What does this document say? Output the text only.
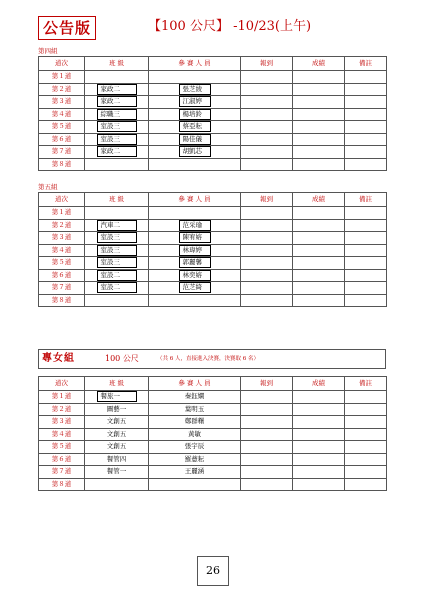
公告版	【100 公尺】 -10/23(上午)
第四組
道次	班 級	參 賽 人 員	報到	成績	備註
第１道					
第２道	家政二	張芝綾			
第３道	家政二	江淑婷			
第４道	綜職三	楊培鈴			
第５道	室設三	蔡亞耘			
第６道	室設三	陽佳儀			
第７道	家政二	胡凱芯			
第８道					
第五組
道次	班 級	參 賽 人 員	報到	成績	備註
第１道					
第２道	汽車二	范采瑜			
第３道	室設三	陳宥嫆			
第４道	室設三	林瑋婷			
第５道	室設三	郭麗馨			
第６道	室設二	林奕嫆			
第７道	室設二	范芝綺			
第８道					
專女組	100 公尺	（共 6 人，直接進入決賽，決賽取 6 名）
道次	班 級	參 賽 人 員	報到	成績	備註
第１道	餐旅一	秦鈺嫻			
第２道	圖藝一	葉明玉			
第３道	文創五	鄭群糬			
第４道	文創五	黃敏			
第５道	文創五	張宇辰			
第６道	餐管四	羅薏耘			
第７道	餐管一	王麗涵			
第８道					
26
